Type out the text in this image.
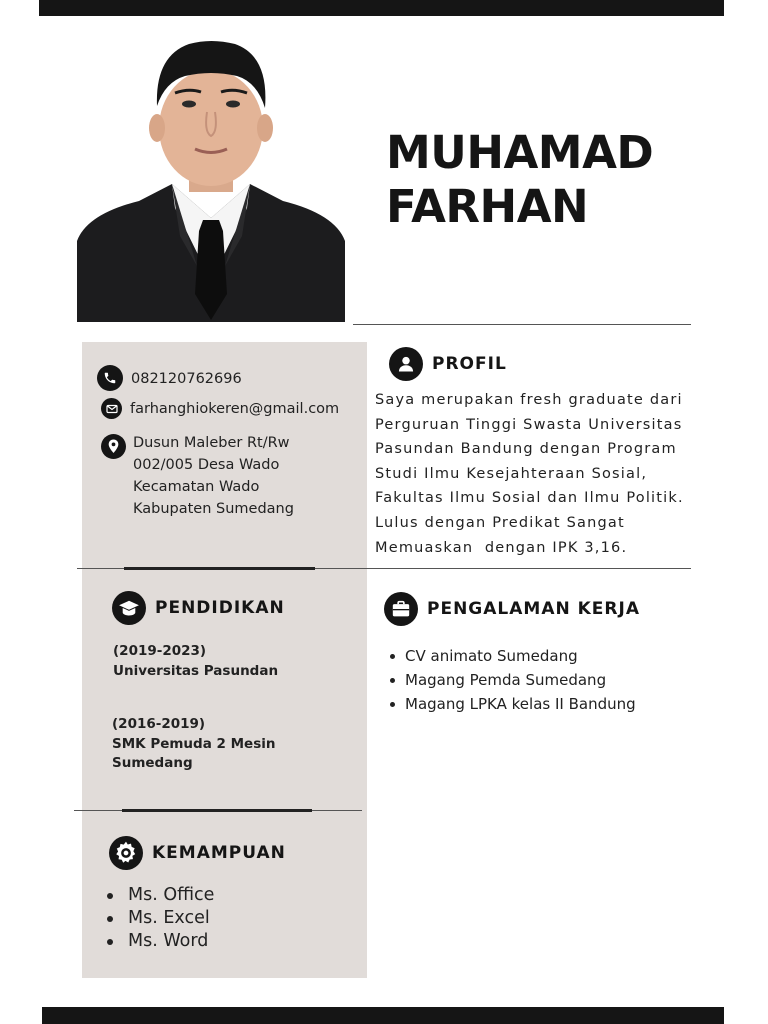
MUHAMAD
FARHAN
082120762696
farhanghiokeren@gmail.com
Dusun Maleber Rt/Rw
002/005 Desa Wado
Kecamatan Wado
Kabupaten Sumedang
PROFIL
Saya merupakan fresh graduate dari
Perguruan Tinggi Swasta Universitas
Pasundan Bandung dengan Program
Studi Ilmu Kesejahteraan Sosial,
Fakultas Ilmu Sosial dan Ilmu Politik.
Lulus dengan Predikat Sangat
Memuaskan  dengan IPK 3,16.
PENDIDIKAN
(2019-2023)
Universitas Pasundan
(2016-2019)
SMK Pemuda 2 Mesin
Sumedang
PENGALAMAN KERJA
CV animato Sumedang
Magang Pemda Sumedang
Magang LPKA kelas II Bandung
KEMAMPUAN
Ms. Office
Ms. Excel
Ms. Word
